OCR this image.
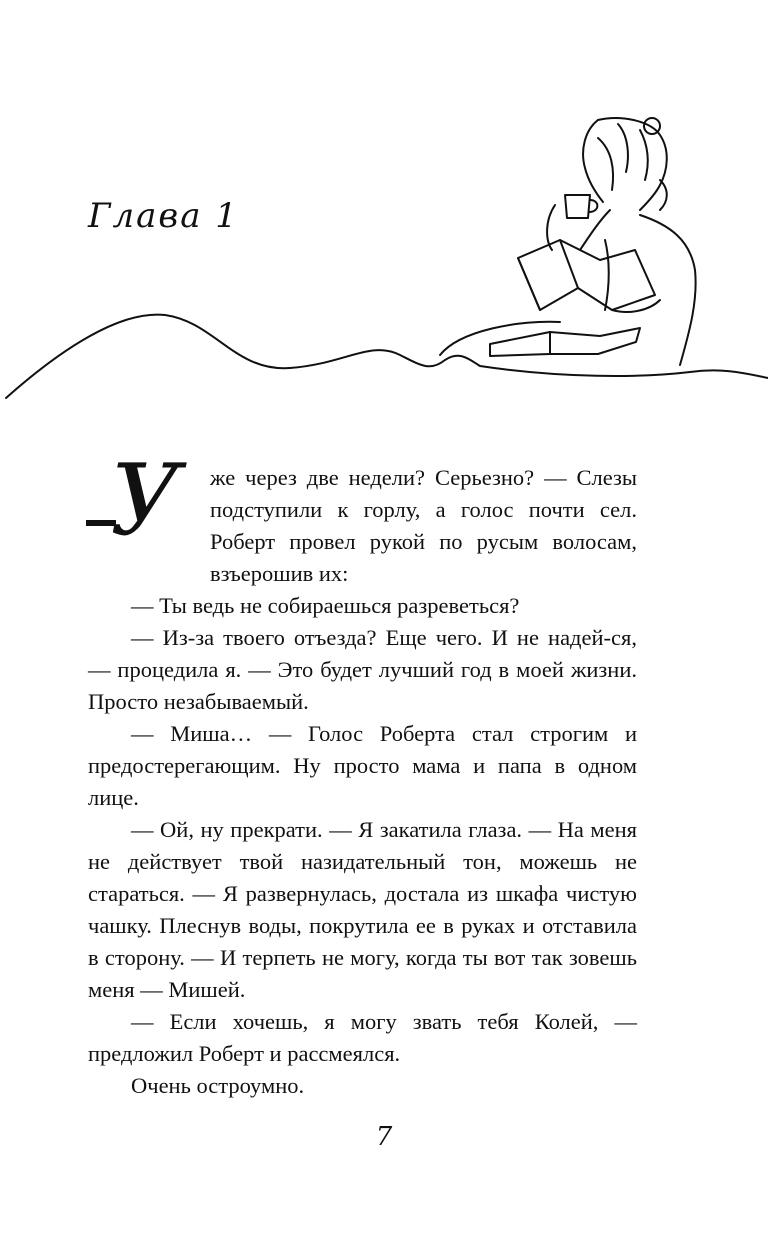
Глава 1
У	же через две недели? Серьезно? — Слезы подступили к горлу, а голос почти сел. Роберт провел рукой по русым волосам, взъерошив их:

— Ты ведь не собираешься разреветься?

— Из-за твоего отъезда? Еще чего. И не надей-ся, — процедила я. — Это будет лучший год в моей жизни. Просто незабываемый.

— Миша… — Голос Роберта стал строгим и предостерегающим. Ну просто мама и папа в одном лице.

— Ой, ну прекрати. — Я закатила глаза. — На меня не действует твой назидательный тон, можешь не стараться. — Я развернулась, достала из шкафа чистую чашку. Плеснув воды, покрутила ее в руках и отставила в сторону. — И терпеть не могу, когда ты вот так зовешь меня — Мишей.

— Если хочешь, я могу звать тебя Колей, — предложил Роберт и рассмеялся.

Очень остроумно.

7
